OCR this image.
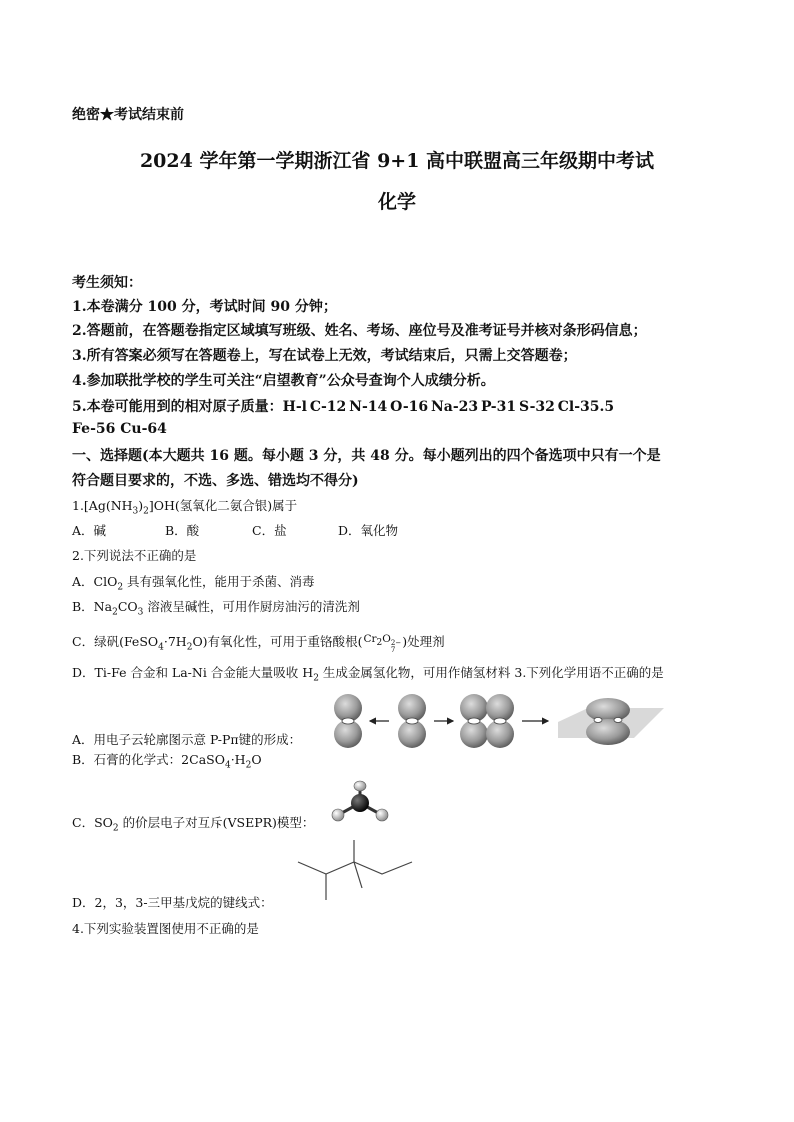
绝密★考试结束前
2024 学年第一学期浙江省 9+1 高中联盟高三年级期中考试
化学
考生须知：
1.本卷满分 100 分，考试时间 90 分钟；
2.答题前，在答题卷指定区域填写班级、姓名、考场、座位号及准考证号并核对条形码信息；
3.所有答案必须写在答题卷上，写在试卷上无效，考试结束后，只需上交答题卷；
4.参加联批学校的学生可关注“启望教育”公众号查询个人成绩分析。
5.本卷可能用到的相对原子质量：H-l C-12 N-14 O-16 Na-23 P-31 S-32 Cl-35.5
Fe-56 Cu-64
一、选择题(本大题共 16 题。每小题 3 分，共 48 分。每小题列出的四个备选项中只有一个是
符合题目要求的，不选、多选、错选均不得分)
$1.[Ag(NH_3)_2]OH$(氢氧化二氨合银)属于
A．碱	B．酸	C．盐	D．氧化物
2.下列说法不正确的是
A．ClO$_2$ 具有强氧化性，能用于杀菌、消毒
B．$Na_2CO_3$ 溶液呈碱性，可用作厨房油污的清洗剂
C．绿矾$(FeSO_4\cdot 7H_2O)$有氧化性，可用于重铬酸根($Cr_2O$ 2−
7
)处理剂
D．Ti-Fe 合金和 La-Ni 合金能大量吸收 $H_2$ 生成金属氢化物，可用作储氢材料 3.下列化学用语不正确的是
A．用电子云轮廓图示意 P-Pπ键的形成：
B．石膏的化学式：$2CaSO_4\cdot H_2O$
C．$SO_2$ 的价层电子对互斥(VSEPR)模型：
D．2，3，3-三甲基戊烷的键线式：
4.下列实验装置图使用不正确的是
